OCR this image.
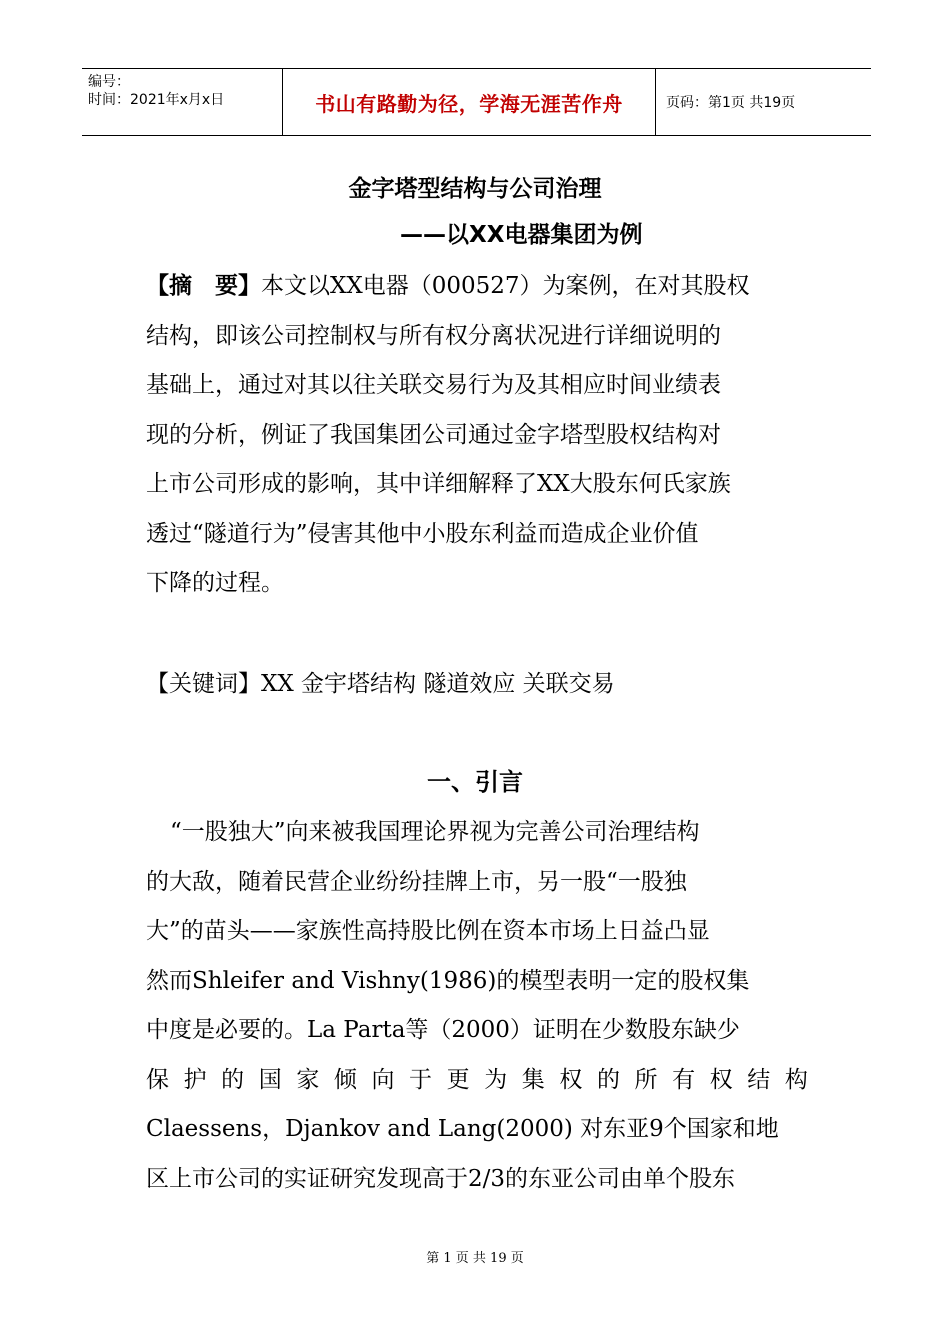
编号：
时间：2021年x月x日	书山有路勤为径，学海无涯苦作舟	页码：第1页 共19页
金字塔型结构与公司治理
——以XX电器集团为例
【摘　要】本文以XX电器（000527）为案例，在对其股权
结构，即该公司控制权与所有权分离状况进行详细说明的
基础上，通过对其以往关联交易行为及其相应时间业绩表
现的分析，例证了我国集团公司通过金字塔型股权结构对
上市公司形成的影响，其中详细解释了XX大股东何氏家族
透过“隧道行为”侵害其他中小股东利益而造成企业价值
下降的过程。
【关键词】XX 金宇塔结构 隧道效应 关联交易
一、引言
“一股独大”向来被我国理论界视为完善公司治理结构
的大敌，随着民营企业纷纷挂牌上市，另一股“一股独
大”的苗头——家族性高持股比例在资本市场上日益凸显
然而Shleifer and Vishny(1986)的模型表明一定的股权集
中度是必要的。La Parta等（2000）证明在少数股东缺少
保 护 的 国 家 倾 向 于 更 为 集 权 的 所 有 权 结 构
Claessens，Djankov and Lang(2000) 对东亚9个国家和地
区上市公司的实证研究发现高于2/3的东亚公司由单个股东
第 1 页 共 19 页
